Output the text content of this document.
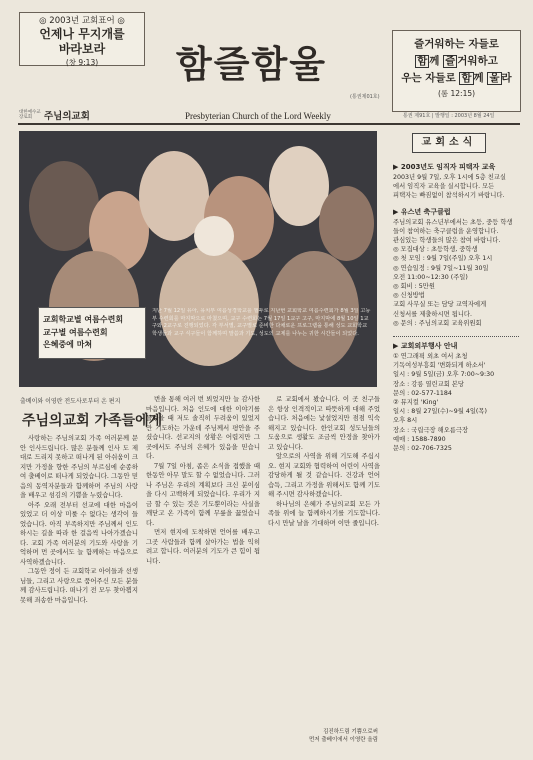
◎ 2003년 교회표어 ◎
언제나 무지개를
바라보라
(창 9:13)	함즐함울
(통권제01호)
즐거워하는 자들로
함 께 즐 거워하고
우는 자들로 함 께 울 라
(롬 12:15)
대한예수교 장로회	주님의교회	Presbyterian Church of the Lord Weekly	통권 제91호 | 발행일 : 2003년 8월 24일
교회학교별 여름수련회
교구별 여름수련회
은혜중에 마쳐
지난 7월 12일 유아, 유치부 여름성경학교를 필두로 지난번 교회학교 여름수련회가 8월 3일 고등부 수련회를 마지막으로 마쳤으며, 교구 수련회는 7월 17일 1교구 고구, 마지막에 8월 10일 1교구와 2교구로 진행되었다. 각 부서별, 교구별로 준비한 다채로운 프로그램을 통해 성도 교회학교 학생들과 교구 식구들이 함께하며 말씀과 기도, 성도의 교제를 나누는 귀한 시간들이 되었다.
출베이와 이영란 전도사로부터 온 편지
주님의교회 가족들에게

사랑하는 주님의교회 가족 여러분께 문안 인사드립니다. 많은 분들께 인사 도 제대로 드리지 못하고 떠나게 된 아쉬움이 크지만 가정을 향한 주님의 부르심에 순종하여 출베이로 떠나게 되었습니다. 그동안 믿음의 동역자분들과 함께하며 주님의 사랑을 배우고 섬김의 기쁨을 누렸습니다.

아주 오래 전부터 선교에 대한 마음이 있었고 더 이상 미룰 수 없다는 생각이 들었습니다. 아직 부족하지만 주님께서 인도하시는 길을 따라 한 걸음씩 나아가겠습니다. 교회 가족 여러분의 기도와 사랑을 기억하며 먼 곳에서도 늘 함께하는 마음으로 사역하겠습니다.

그동안 정이 든 교회학교 아이들과 선생님들, 그리고 사랑으로 품어주신 모든 분들께 감사드립니다. 떠나기 전 모두 찾아뵙지 못해 죄송한 마음입니다.

번을 통해 여러 번 뵈었지만 늘 감사한 마음입니다. 처음 인도에 대한 이야기를 들었을 때 저도 솔직히 두려움이 있었지만 기도하는 가운데 주님께서 평안을 주셨습니다. 선교지의 상황은 어렵지만 그곳에서도 주님의 은혜가 있음을 믿습니다.

7월 7일 아침, 좁은 소식을 접했을 때 한동안 아무 말도 할 수 없었습니다. 그러나 주님은 우리의 계획보다 크신 분이심을 다시 고백하게 되었습니다. 우리가 지금 할 수 있는 것은 기도뿐이라는 사실을 깨닫고 온 가족이 함께 무릎을 꿇었습니다.

먼저 현지에 도착하면 언어를 배우고 그곳 사람들과 함께 살아가는 법을 익히려고 합니다. 여러분의 기도가 큰 힘이 됩니다.

로 교회에서 봤습니다. 이 곳 친구들은 항상 인격적이고 따뜻하게 대해 주었습니다. 처음에는 낯설었지만 점점 익숙해지고 있습니다. 한인교회 성도님들의 도움으로 생활도 조금씩 안정을 찾아가고 있습니다.

앞으로의 사역을 위해 기도해 주십시오. 현지 교회와 협력하여 어린이 사역을 감당하게 될 것 같습니다. 건강과 언어 습득, 그리고 가정을 위해서도 함께 기도해 주시면 감사하겠습니다.

하나님의 은혜가 주님의교회 모든 가족들 위에 늘 함께하시기를 기도합니다. 다시 만날 날을 기대하며 이만 줄입니다.

김진하드림 기쁨으로써
먼저 출베이에서 이영란 올림
교회소식
▶ 2003년도 임직자 피택자 교육
2003년 9월 7일, 오후 1시에 5층 친교실
에서 임직자 교육을 실시합니다. 모든
피택자는 빠짐없이 참석하시기 바랍니다.
▶ 유스년 축구클럽
주님의교회 유스년부에서는 초등, 중등 학생
들이 참여하는 축구클럽을 운영합니다.
관심있는 학생들의 많은 참여 바랍니다.
◎ 모집대상 : 초등학생, 중학생
◎ 첫 모임 : 9월 7일(주일) 오후 1시
◎ 연습일정 : 9월 7일~11월 30일
오전 11:00~12:30 (주일)
◎ 회비 : 5만원
◎ 신청방법
교회 사무실 또는 담당 교역자에게
신청서를 제출하시면 됩니다.
◎ 문의 : 주님의교회 교육위원회
▶ 교회외부행사 안내
① 연그래픽 외초 여서 초청
기독여성부흥회 '변화되게 하소서'
일시 : 9월 5일(금) 오후 7:00~9:30
장소 : 강릉 열린교회 본당
문의 : 02-577-1184
② 뮤지컬 'King'
일시 : 8월 27일(수)~9월 4일(목)
오후 8시
장소 : 국립극장 해오름극장
예매 : 1588-7890
문의 : 02-706-7325
